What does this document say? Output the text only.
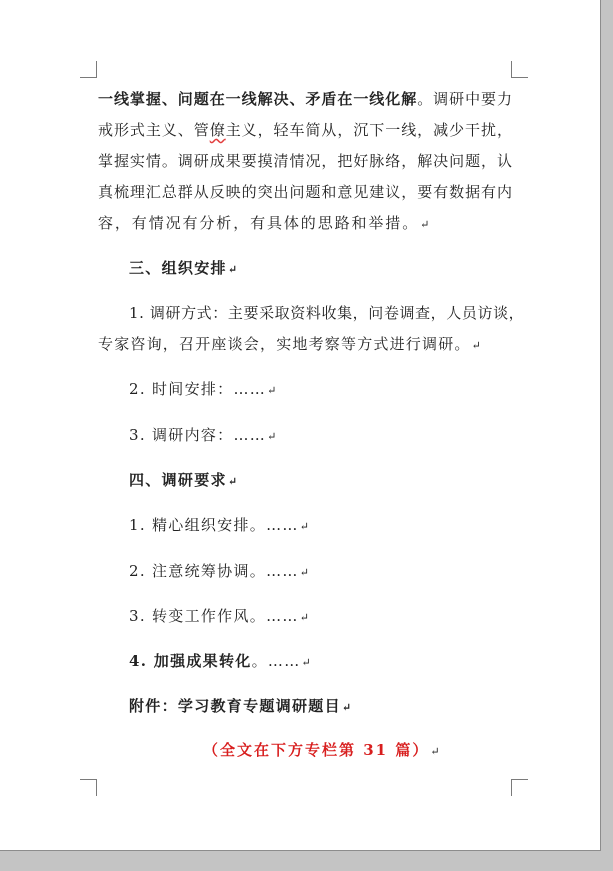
一线掌握、问题在一线解决、矛盾在一线化解。调研中要力
戒形式主义、管僚主义，轻车简从，沉下一线，减少干扰，
掌握实情。调研成果要摸清情况，把好脉络，解决问题，认
真梳理汇总群从反映的突出问题和意见建议，要有数据有内
容，有情况有分析，有具体的思路和举措。↵
三、组织安排↵
1. 调研方式：主要采取资料收集，问卷调查，人员访谈，
专家咨询，召开座谈会，实地考察等方式进行调研。↵
2. 时间安排：……↵
3. 调研内容：……↵
四、调研要求↵
1. 精心组织安排。……↵
2. 注意统筹协调。……↵
3. 转变工作作风。……↵
4. 加强成果转化。……↵
附件：学习教育专题调研题目↵
（全文在下方专栏第 31 篇）↵
